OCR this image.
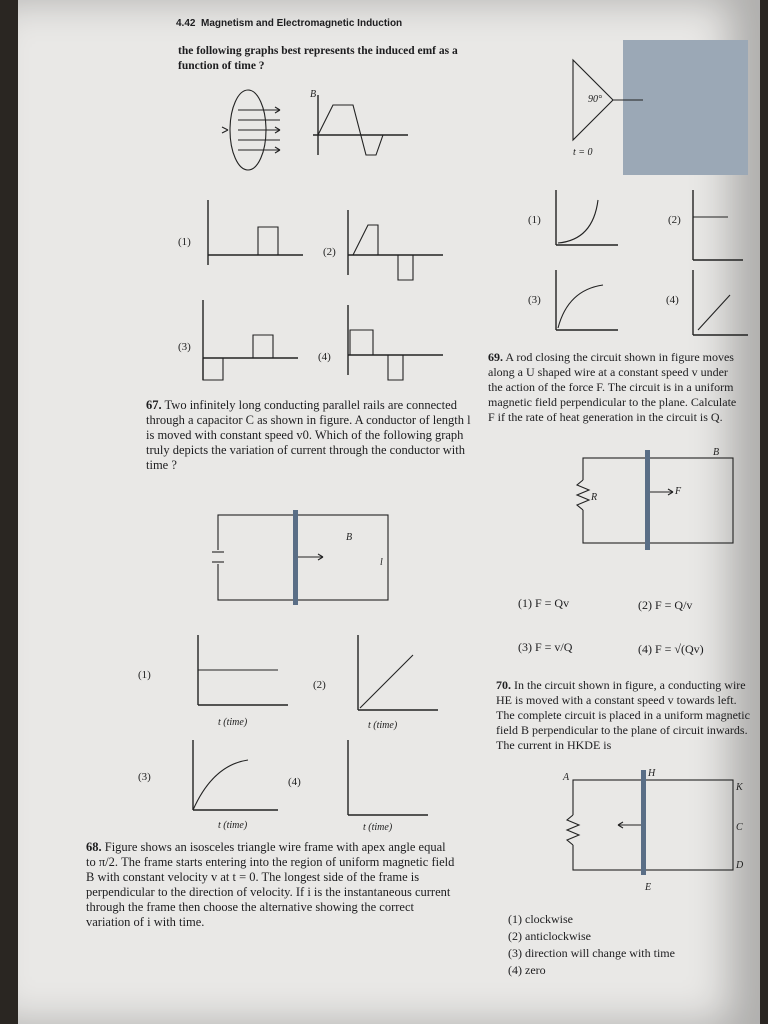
4.42 Magnetism and Electromagnetic Induction

the following graphs best represents the induced emf as a function of time ?

B
(1)
(2)
(3)
(4)

67. Two infinitely long conducting parallel rails are connected through a capacitor C as shown in figure. A conductor of length l is moved with constant speed v0. Which of the following graph truly depicts the variation of current through the conductor with time ?

B
l
(1)
(2)
(3)	(4)
t (time)	t (time)
t (time)	t (time)

68. Figure shows an isosceles triangle wire frame with apex angle equal to π/2. The frame starts entering into the region of uniform magnetic field B with constant velocity v at t = 0. The longest side of the frame is perpendicular to the direction of velocity. If i is the instantaneous current through the frame then choose the alternative showing the correct variation of i with time.

90°
t = 0
(1)	(2)
(3)	(4)

69. A rod closing the circuit shown in figure moves along a U shaped wire at a constant speed v under the action of the force F. The circuit is in a uniform magnetic field perpendicular to the plane. Calculate F if the rate of heat generation in the circuit is Q.

R
F
B
(1) F = Qv	(2) F = Q/v
(3) F = v/Q	(4) F = √(Qv)

70. In the circuit shown in figure, a conducting wire HE is moved with a constant speed v towards left. The complete circuit is placed in a uniform magnetic field B perpendicular to the plane of circuit inwards. The current in HKDE is

A	H
K
C
D
E
(1) clockwise
(2) anticlockwise
(3) direction will change with time
(4) zero
